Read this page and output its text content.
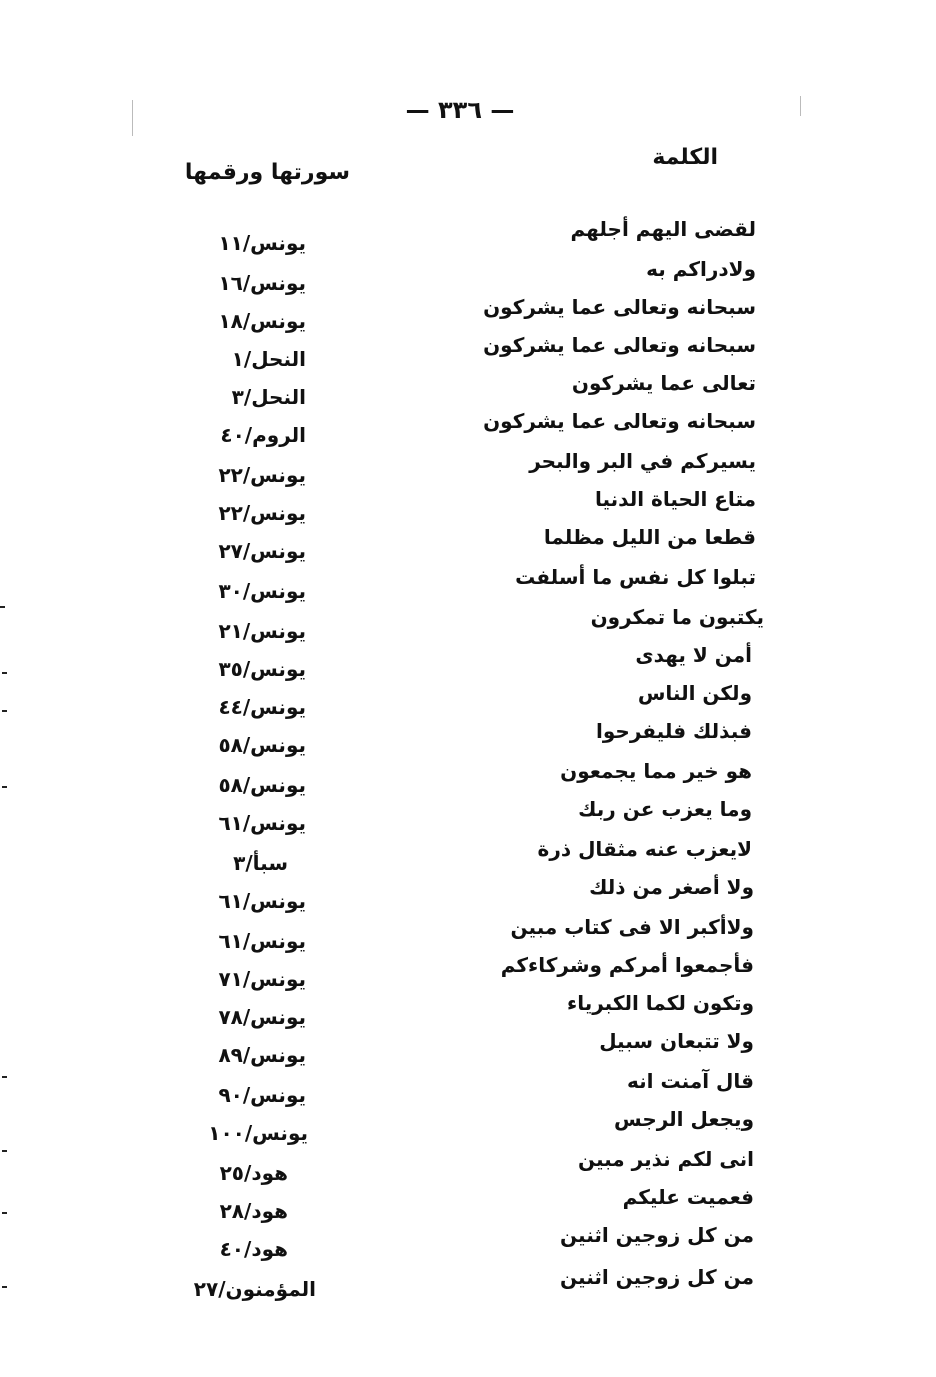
— ٣٣٦ —
الكلمة
سورتها ورقمها
لقضى اليهم أجلهم
يونس/١١
ولادراكم به
يونس/١٦
سبحانه وتعالى عما يشركون
يونس/١٨
سبحانه وتعالى عما يشركون
النحل/١
تعالى عما يشركون
النحل/٣
سبحانه وتعالى عما يشركون
الروم/٤٠
يسيركم في البر والبحر
يونس/٢٢
متاع الحياة الدنيا
يونس/٢٢
قطعا من الليل مظلما
يونس/٢٧
تبلوا كل نفس ما أسلفت
يونس/٣٠
يكتبون ما تمكرون
يونس/٢١
أمن لا يهدى
يونس/٣٥
ولكن الناس
يونس/٤٤
فبذلك فليفرحوا
يونس/٥٨
هو خير مما يجمعون
يونس/٥٨
وما يعزب عن ربك
يونس/٦١
لايعزب عنه مثقال ذرة
سبأ/٣
ولا أصغر من ذلك
يونس/٦١
ولاأكبر الا فى كتاب مبين
يونس/٦١
فأجمعوا أمركم وشركاءكم
يونس/٧١
وتكون لكما الكبرياء
يونس/٧٨
ولا تتبعان سبيل
يونس/٨٩
قال آمنت انه
يونس/٩٠
ويجعل الرجس
يونس/١٠٠
انى لكم نذير مبين
هود/٢٥
فعميت عليكم
هود/٢٨
من كل زوجين اثنين
هود/٤٠
من كل زوجين اثنين
المؤمنون/٢٧
